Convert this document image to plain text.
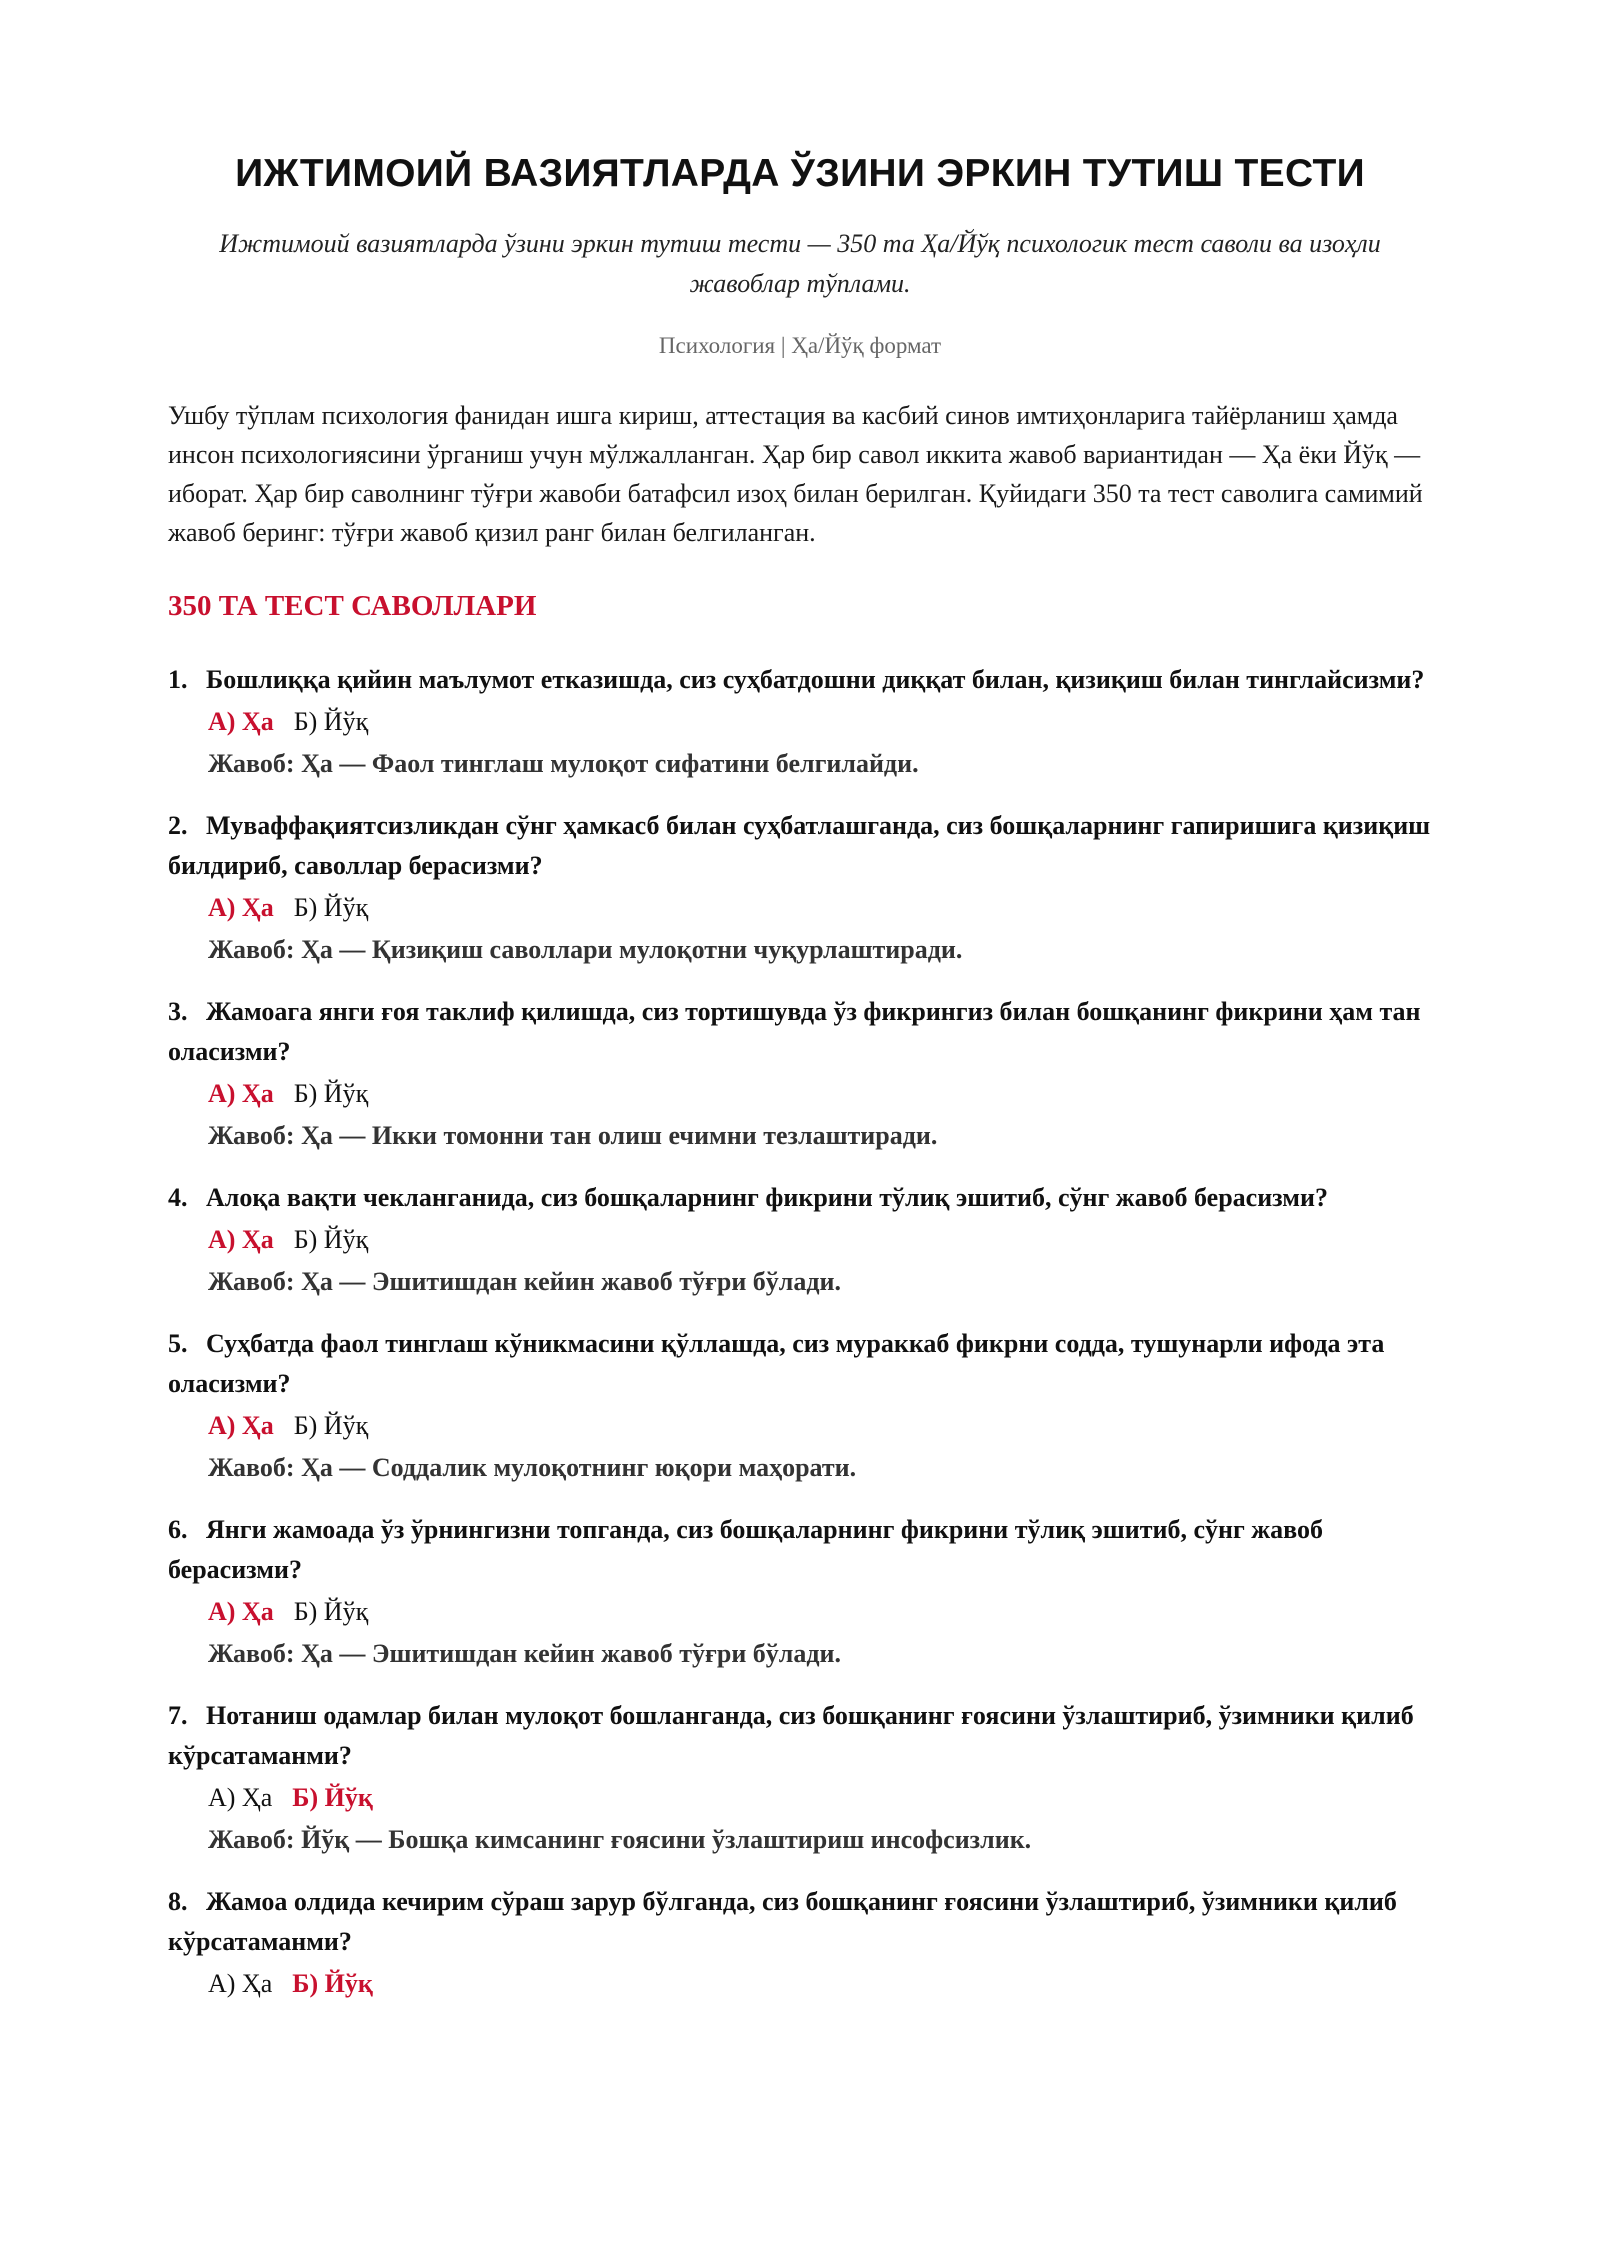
ИЖТИМОИЙ ВАЗИЯТЛАРДА ЎЗИНИ ЭРКИН ТУТИШ ТЕСТИ
Ижтимоий вазиятларда ўзини эркин тутиш тести — 350 та Ҳа/Йўқ психологик тест саволи ва изоҳли жавоблар тўплами.
Психология | Ҳа/Йўқ формат

Ушбу тўплам психология фанидан ишга кириш, аттестация ва касбий синов имтиҳонларига тайёрланиш ҳамда инсон психологиясини ўрганиш учун мўлжалланган. Ҳар бир савол иккита жавоб вариантидан — Ҳа ёки Йўқ — иборат. Ҳар бир саволнинг тўғри жавоби батафсил изоҳ билан берилган. Қуйидаги 350 та тест саволига самимий жавоб беринг: тўғри жавоб қизил ранг билан белгиланган.

350 ТА ТЕСТ САВОЛЛАРИ

1. Бошлиққа қийин маълумот етказишда, сиз суҳбатдошни диққат билан, қизиқиш билан тинглайсизми?

А) Ҳа Б) Йўқ
Жавоб: Ҳа — Фаол тинглаш мулоқот сифатини белгилайди.

2. Муваффақиятсизликдан сўнг ҳамкасб билан суҳбатлашганда, сиз бошқаларнинг гапиришига қизиқиш билдириб, саволлар берасизми?

А) Ҳа Б) Йўқ
Жавоб: Ҳа — Қизиқиш саволлари мулоқотни чуқурлаштиради.

3. Жамоага янги ғоя таклиф қилишда, сиз тортишувда ўз фикрингиз билан бошқанинг фикрини ҳам тан оласизми?

А) Ҳа Б) Йўқ
Жавоб: Ҳа — Икки томонни тан олиш ечимни тезлаштиради.

4. Алоқа вақти чекланганида, сиз бошқаларнинг фикрини тўлиқ эшитиб, сўнг жавоб берасизми?

А) Ҳа Б) Йўқ
Жавоб: Ҳа — Эшитишдан кейин жавоб тўғри бўлади.

5. Суҳбатда фаол тинглаш кўникмасини қўллашда, сиз мураккаб фикрни содда, тушунарли ифода эта оласизми?

А) Ҳа Б) Йўқ
Жавоб: Ҳа — Соддалик мулоқотнинг юқори маҳорати.

6. Янги жамоада ўз ўрнингизни топганда, сиз бошқаларнинг фикрини тўлиқ эшитиб, сўнг жавоб берасизми?

А) Ҳа Б) Йўқ
Жавоб: Ҳа — Эшитишдан кейин жавоб тўғри бўлади.

7. Нотаниш одамлар билан мулоқот бошланганда, сиз бошқанинг ғоясини ўзлаштириб, ўзимники қилиб кўрсатаманми?

А) Ҳа Б) Йўқ
Жавоб: Йўқ — Бошқа кимсанинг ғоясини ўзлаштириш инсофсизлик.

8. Жамоа олдида кечирим сўраш зарур бўлганда, сиз бошқанинг ғоясини ўзлаштириб, ўзимники қилиб кўрсатаманми?

А) Ҳа Б) Йўқ
